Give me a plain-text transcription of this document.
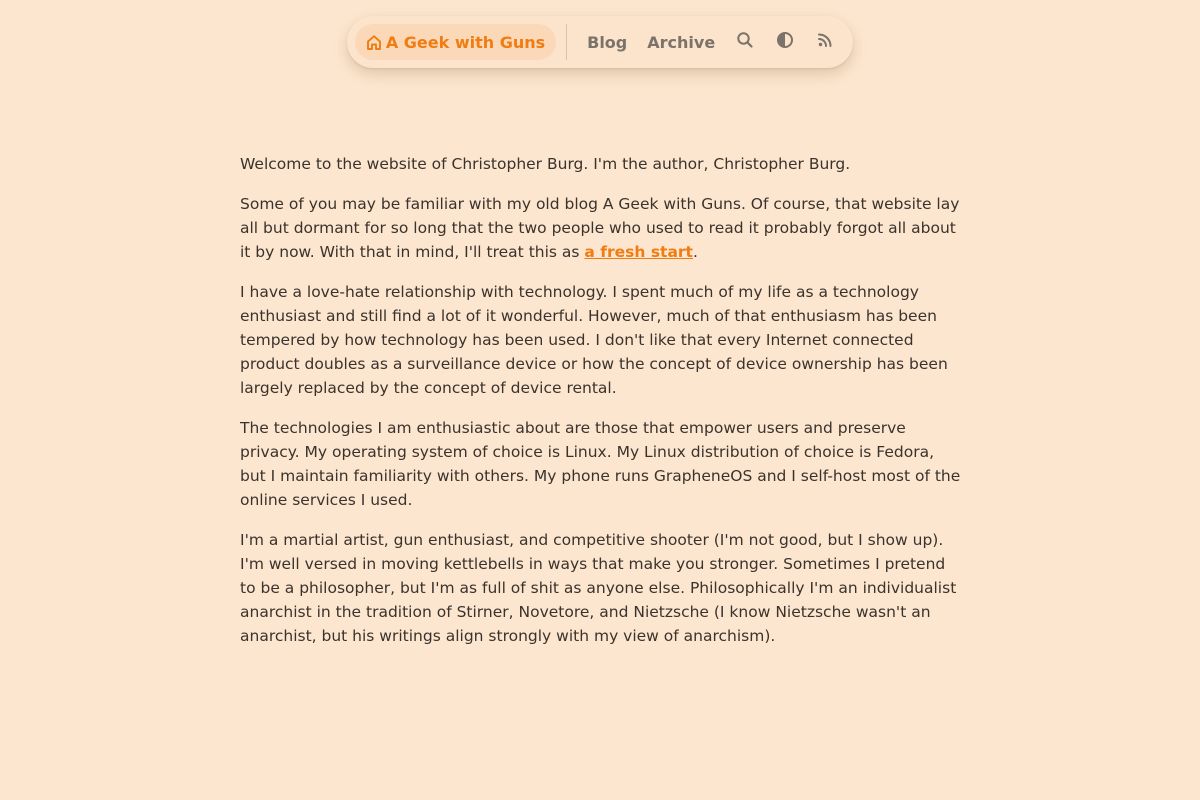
A Geek with Guns	Blog	Archive

Welcome to the website of Christopher Burg. I'm the author, Christopher Burg.

Some of you may be familiar with my old blog A Geek with Guns. Of course, that website lay all but dormant for so long that the two people who used to read it probably forgot all about it by now. With that in mind, I'll treat this as a fresh start.

I have a love-hate relationship with technology. I spent much of my life as a technology enthusiast and still find a lot of it wonderful. However, much of that enthusiasm has been tempered by how technology has been used. I don't like that every Internet connected product doubles as a surveillance device or how the concept of device ownership has been largely replaced by the concept of device rental.

The technologies I am enthusiastic about are those that empower users and preserve privacy. My operating system of choice is Linux. My Linux distribution of choice is Fedora, but I maintain familiarity with others. My phone runs GrapheneOS and I self-host most of the online services I used.

I'm a martial artist, gun enthusiast, and competitive shooter (I'm not good, but I show up). I'm well versed in moving kettlebells in ways that make you stronger. Sometimes I pretend to be a philosopher, but I'm as full of shit as anyone else. Philosophically I'm an individualist anarchist in the tradition of Stirner, Novetore, and Nietzsche (I know Nietzsche wasn't an anarchist, but his writings align strongly with my view of anarchism).
